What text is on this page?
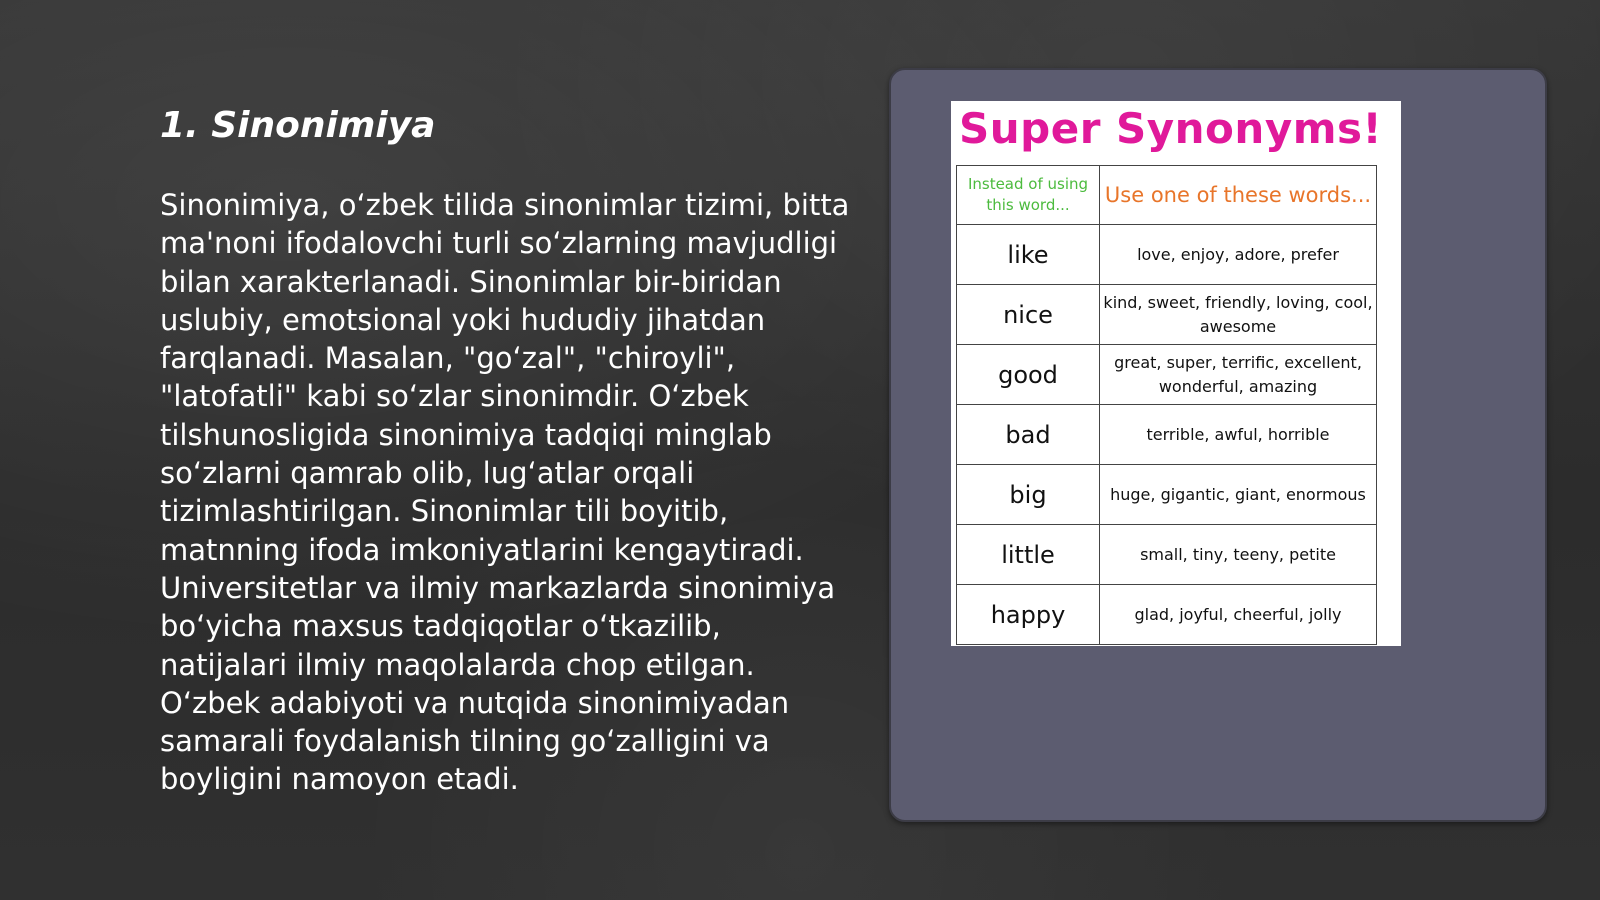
1. Sinonimiya

Sinonimiya, o‘zbek tilida sinonimlar tizimi, bitta ma'noni ifodalovchi turli so‘zlarning mavjudligi bilan xarakterlanadi. Sinonimlar bir-biridan uslubiy, emotsional yoki hududiy jihatdan farqlanadi. Masalan, "go‘zal", "chiroyli", "latofatli" kabi so‘zlar sinonimdir. O‘zbek tilshunosligida sinonimiya tadqiqi minglab so‘zlarni qamrab olib, lug‘atlar orqali tizimlashtirilgan. Sinonimlar tili boyitib, matnning ifoda imkoniyatlarini kengaytiradi. Universitetlar va ilmiy markazlarda sinonimiya bo‘yicha maxsus tadqiqotlar o‘tkazilib, natijalari ilmiy maqolalarda chop etilgan. O‘zbek adabiyoti va nutqida sinonimiyadan samarali foydalanish tilning go‘zalligini va boyligini namoyon etadi.

Super Synonyms!
Instead of using this word...	Use one of these words...
like	love, enjoy, adore, prefer
nice	kind, sweet, friendly, loving, cool, awesome
good	great, super, terrific, excellent, wonderful, amazing
bad	terrible, awful, horrible
big	huge, gigantic, giant, enormous
little	small, tiny, teeny, petite
happy	glad, joyful, cheerful, jolly
